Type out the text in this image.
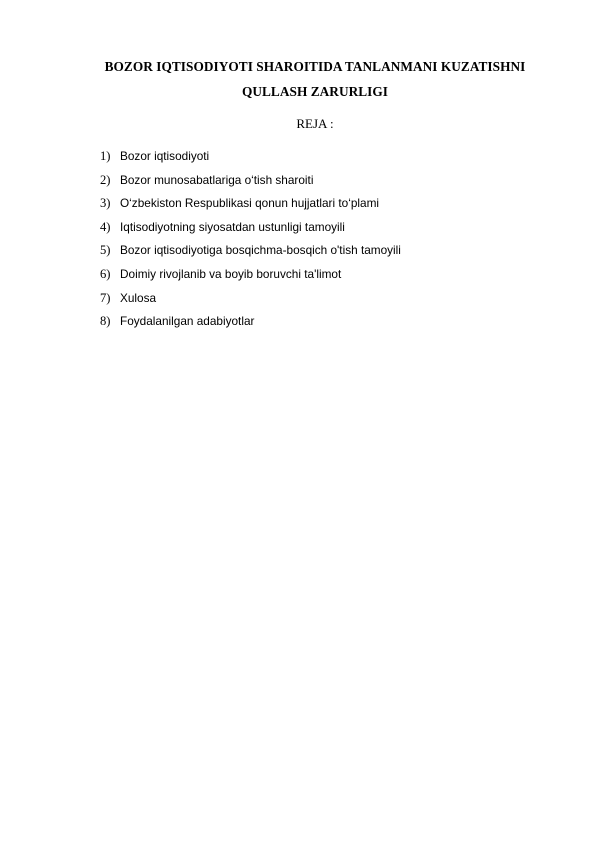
BOZOR IQTISODIYOTI SHAROITIDA TANLANMANI KUZATISHNI
QULLASH ZARURLIGI
REJA :
1) Bozor iqtisodiyoti
2) Bozor munosabatlariga o‘tish sharoiti
3) O‘zbekiston Respublikasi qonun hujjatlari to‘plami
4) Iqtisodiyotning siyosatdan ustunligi tamoyili
5) Bozor iqtisodiyotiga bosqichma-bosqich o'tish tamoyili
6) Doimiy rivojlanib va boyib boruvchi ta'limot
7) Xulosa
8) Foydalanilgan adabiyotlar
